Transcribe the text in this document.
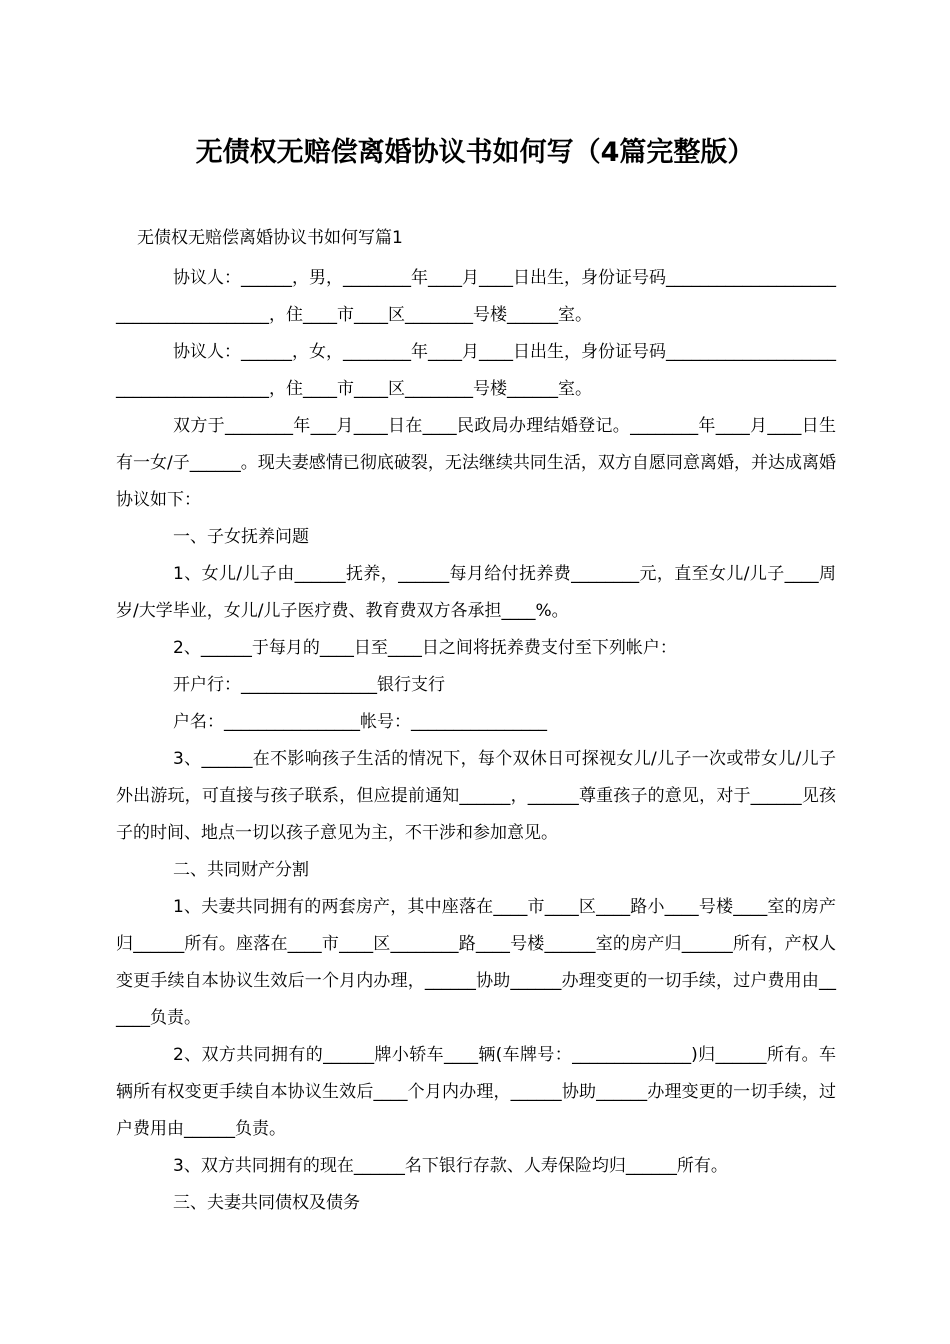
无债权无赔偿离婚协议书如何写（4篇完整版）
无债权无赔偿离婚协议书如何写篇1

协议人：______，男，________年____月____日出生，身份证号码______________________________________，住____市____区________号楼______室。

协议人：______，女，________年____月____日出生，身份证号码______________________________________，住____市____区________号楼______室。

双方于________年___月____日在____民政局办理结婚登记。________年____月____日生有一女/子______。现夫妻感情已彻底破裂，无法继续共同生活，双方自愿同意离婚，并达成离婚协议如下：

一、子女抚养问题

1、女儿/儿子由______抚养，______每月给付抚养费________元，直至女儿/儿子____周岁/大学毕业，女儿/儿子医疗费、教育费双方各承担____%。

2、______于每月的____日至____日之间将抚养费支付至下列帐户：

开户行：________________银行支行

户名：________________帐号：________________

3、______在不影响孩子生活的情况下，每个双休日可探视女儿/儿子一次或带女儿/儿子外出游玩，可直接与孩子联系，但应提前通知______，______尊重孩子的意见，对于______见孩子的时间、地点一切以孩子意见为主，不干涉和参加意见。

二、共同财产分割

1、夫妻共同拥有的两套房产，其中座落在____市____区____路小____号楼____室的房产归______所有。座落在____市____区________路____号楼______室的房产归______所有，产权人变更手续自本协议生效后一个月内办理，______协助______办理变更的一切手续，过户费用由______负责。

2、双方共同拥有的______牌小轿车____辆(车牌号：______________)归______所有。车辆所有权变更手续自本协议生效后____个月内办理，______协助______办理变更的一切手续，过户费用由______负责。

3、双方共同拥有的现在______名下银行存款、人寿保险均归______所有。

三、夫妻共同债权及债务
